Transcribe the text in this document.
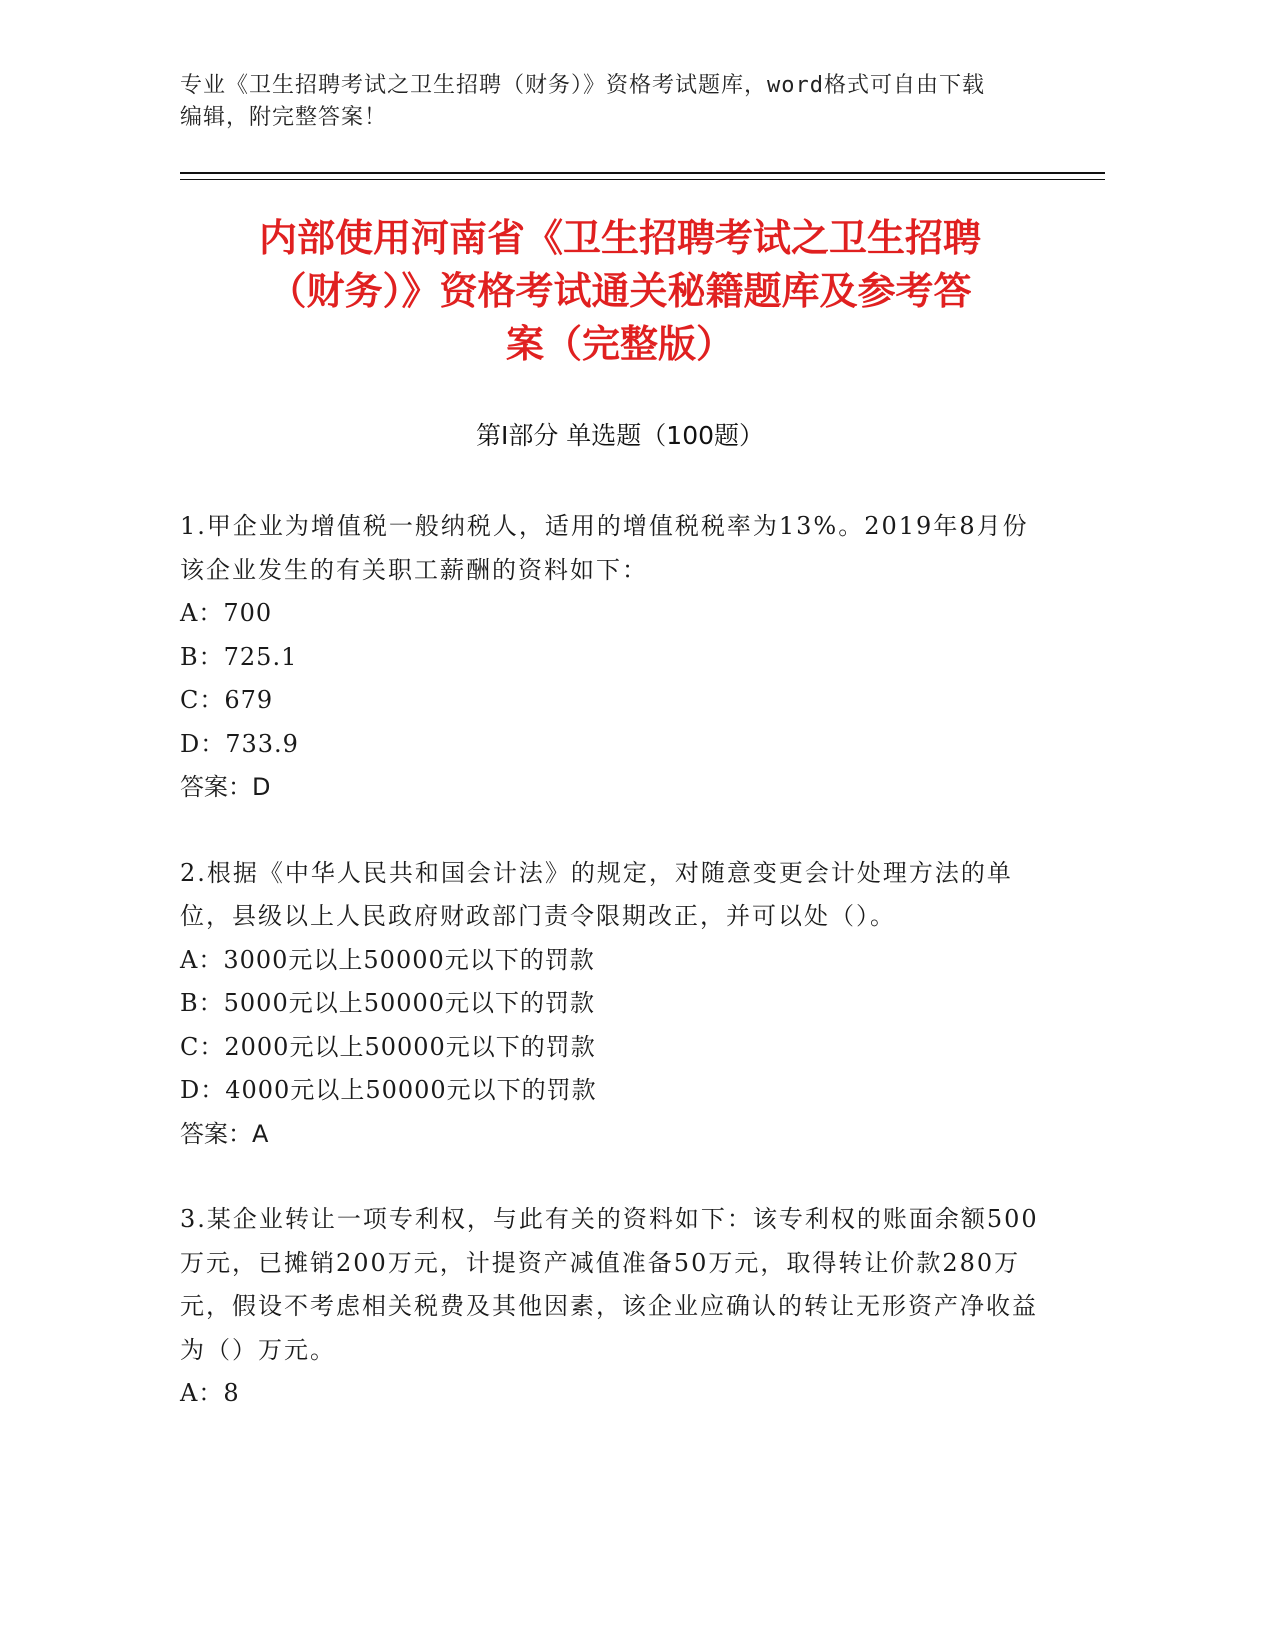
专业《卫生招聘考试之卫生招聘（财务）》资格考试题库，word格式可自由下载
编辑，附完整答案！
内部使用河南省《卫生招聘考试之卫生招聘
（财务）》资格考试通关秘籍题库及参考答
案（完整版）
第Ⅰ部分 单选题（100题）

1.甲企业为增值税一般纳税人，适用的增值税税率为13%。2019年8月份该企业发生的有关职工薪酬的资料如下：

A：700

B：725.1

C：679

D：733.9

答案：D

2.根据《中华人民共和国会计法》的规定，对随意变更会计处理方法的单位，县级以上人民政府财政部门责令限期改正，并可以处（）。

A：3000元以上50000元以下的罚款

B：5000元以上50000元以下的罚款

C：2000元以上50000元以下的罚款

D：4000元以上50000元以下的罚款

答案：A

3.某企业转让一项专利权，与此有关的资料如下：该专利权的账面余额500万元，已摊销200万元，计提资产减值准备50万元，取得转让价款280万元，假设不考虑相关税费及其他因素，该企业应确认的转让无形资产净收益为（）万元。

A：8
